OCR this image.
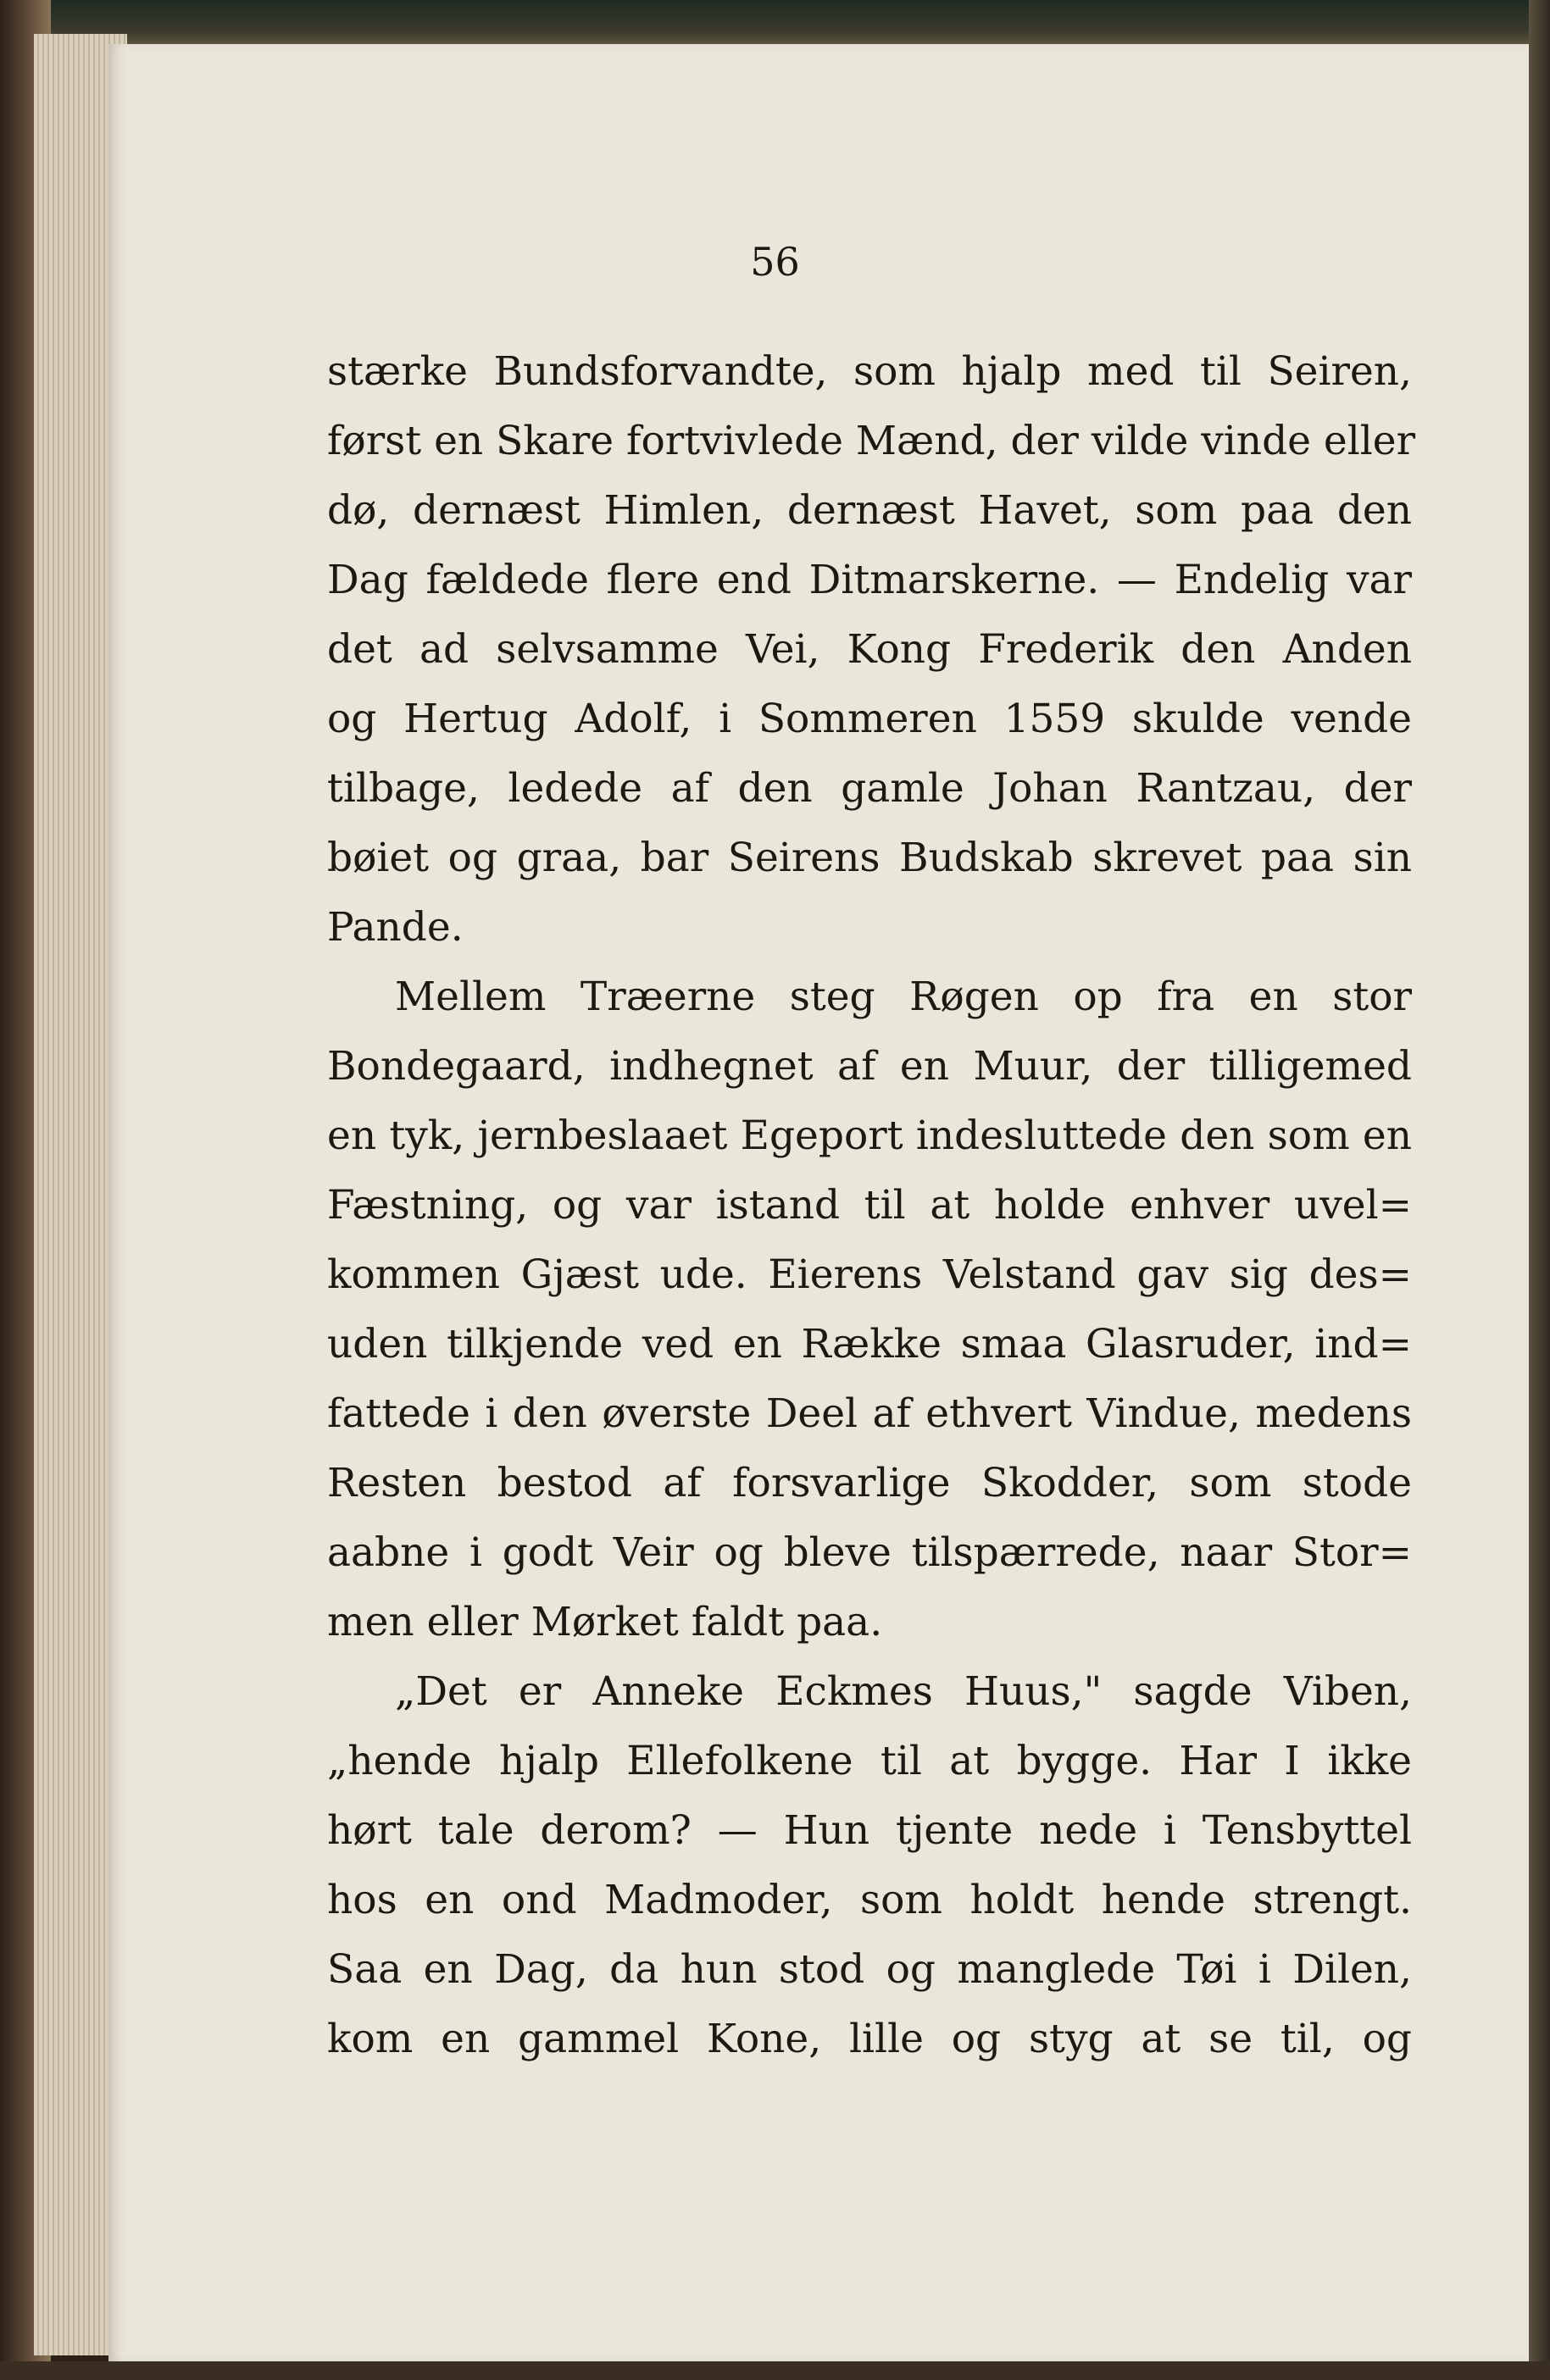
56
stærke Bundsforvandte, som hjalp med til Seiren,
først en Skare fortvivlede Mænd, der vilde vinde eller
dø, dernæst Himlen, dernæst Havet, som paa den
Dag fældede flere end Ditmarskerne. — Endelig var
det ad selvsamme Vei, Kong Frederik den Anden
og Hertug Adolf, i Sommeren 1559 skulde vende
tilbage, ledede af den gamle Johan Rantzau, der
bøiet og graa, bar Seirens Budskab skrevet paa sin
Pande.
Mellem Træerne steg Røgen op fra en stor
Bondegaard, indhegnet af en Muur, der tilligemed
en tyk, jernbeslaaet Egeport indesluttede den som en
Fæstning, og var istand til at holde enhver uvel=
kommen Gjæst ude. Eierens Velstand gav sig des=
uden tilkjende ved en Række smaa Glasruder, ind=
fattede i den øverste Deel af ethvert Vindue, medens
Resten bestod af forsvarlige Skodder, som stode
aabne i godt Veir og bleve tilspærrede, naar Stor=
men eller Mørket faldt paa.
„Det er Anneke Eckmes Huus," sagde Viben,
„hende hjalp Ellefolkene til at bygge. Har I ikke
hørt tale derom? — Hun tjente nede i Tensbyttel
hos en ond Madmoder, som holdt hende strengt.
Saa en Dag, da hun stod og manglede Tøi i Dilen,
kom en gammel Kone, lille og styg at se til, og
